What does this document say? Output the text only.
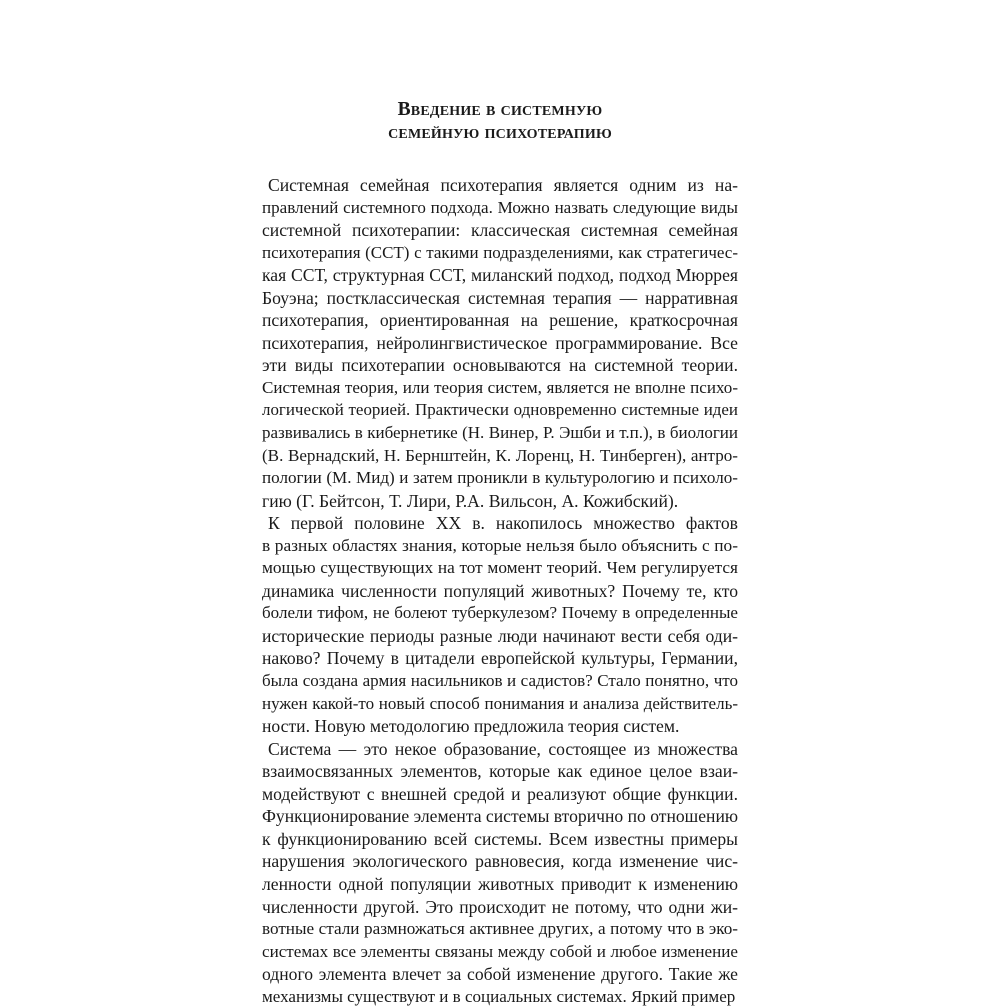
Введение в системную
семейную психотерапию
Системная семейная психотерапия является одним из на-
правлений системного подхода. Можно назвать следующие виды
системной психотерапии: классическая системная семейная
психотерапия (ССТ) с такими подразделениями, как стратегичес-
кая ССТ, структурная ССТ, миланский подход, подход Мюррея
Боуэна; постклассическая системная терапия — нарративная
психотерапия, ориентированная на решение, краткосрочная
психотерапия, нейролингвистическое программирование. Все
эти виды психотерапии основываются на системной теории.
Системная теория, или теория систем, является не вполне психо-
логической теорией. Практически одновременно системные идеи
развивались в кибернетике (Н. Винер, Р. Эшби и т.п.), в биологии
(В. Вернадский, Н. Бернштейн, К. Лоренц, Н. Тинберген), антро-
пологии (М. Мид) и затем проникли в культурологию и психоло-
гию (Г. Бейтсон, Т. Лири, Р.А. Вильсон, А. Кожибский).
К первой половине XX в. накопилось множество фактов
в разных областях знания, которые нельзя было объяснить с по-
мощью существующих на тот момент теорий. Чем регулируется
динамика численности популяций животных? Почему те, кто
болели тифом, не болеют туберкулезом? Почему в определенные
исторические периоды разные люди начинают вести себя оди-
наково? Почему в цитадели европейской культуры, Германии,
была создана армия насильников и садистов? Стало понятно, что
нужен какой-то новый способ понимания и анализа действитель-
ности. Новую методологию предложила теория систем.
Система — это некое образование, состоящее из множества
взаимосвязанных элементов, которые как единое целое взаи-
модействуют с внешней средой и реализуют общие функции.
Функционирование элемента системы вторично по отношению
к функционированию всей системы. Всем известны примеры
нарушения экологического равновесия, когда изменение чис-
ленности одной популяции животных приводит к изменению
численности другой. Это происходит не потому, что одни жи-
вотные стали размножаться активнее других, а потому что в эко-
системах все элементы связаны между собой и любое изменение
одного элемента влечет за собой изменение другого. Такие же
механизмы существуют и в социальных системах. Яркий пример
